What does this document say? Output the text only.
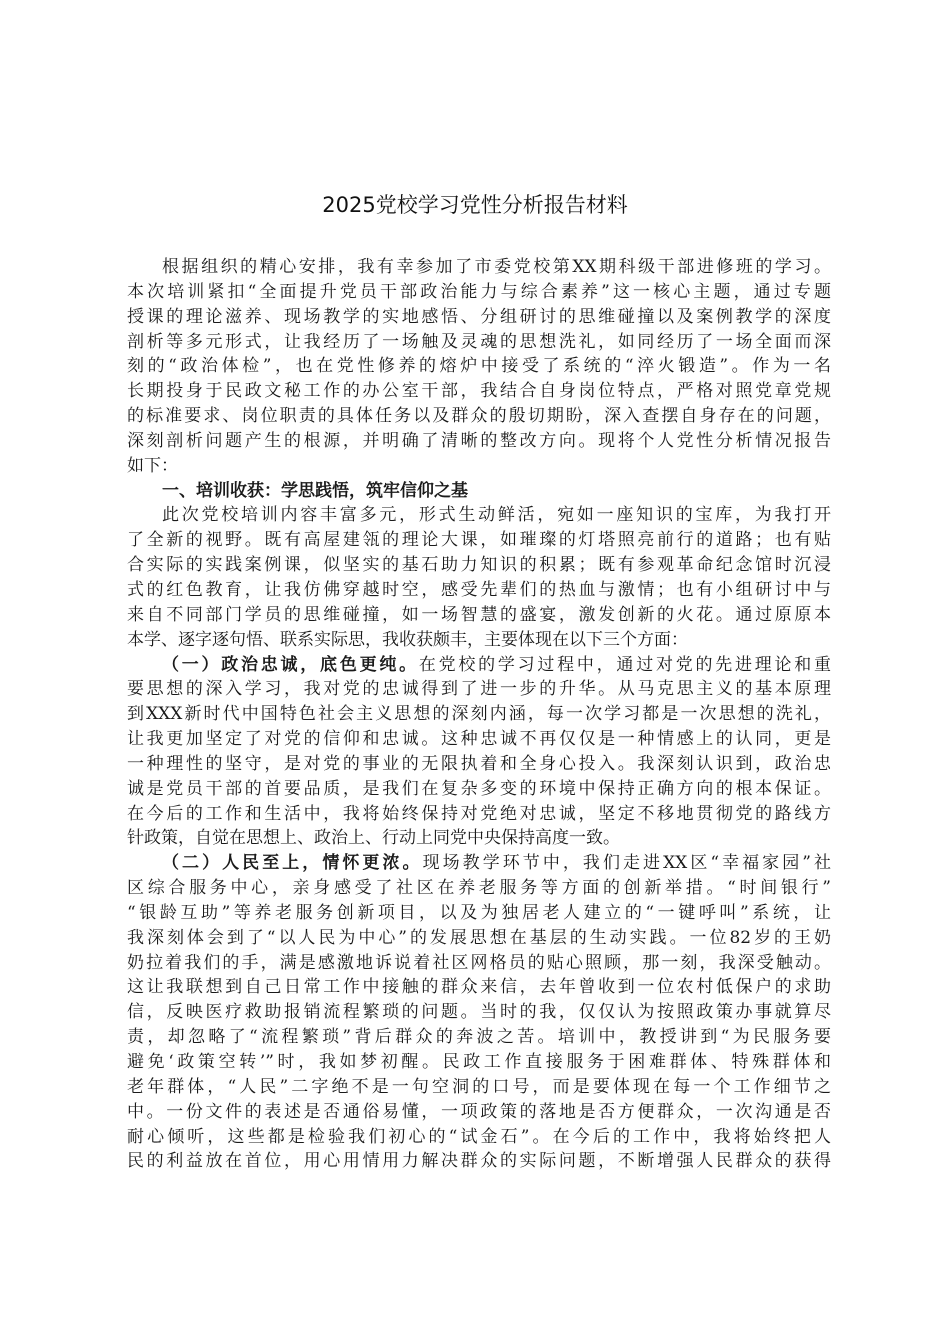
2025党校学习党性分析报告材料
根据组织的精心安排，我有幸参加了市委党校第XX期科级干部进修班的学习。
本次培训紧扣“全面提升党员干部政治能力与综合素养”这一核心主题，通过专题
授课的理论滋养、现场教学的实地感悟、分组研讨的思维碰撞以及案例教学的深度
剖析等多元形式，让我经历了一场触及灵魂的思想洗礼，如同经历了一场全面而深
刻的“政治体检”，也在党性修养的熔炉中接受了系统的“淬火锻造”。作为一名
长期投身于民政文秘工作的办公室干部，我结合自身岗位特点，严格对照党章党规
的标准要求、岗位职责的具体任务以及群众的殷切期盼，深入查摆自身存在的问题，
深刻剖析问题产生的根源，并明确了清晰的整改方向。现将个人党性分析情况报告
如下：
一、培训收获：学思践悟，筑牢信仰之基
此次党校培训内容丰富多元，形式生动鲜活，宛如一座知识的宝库，为我打开
了全新的视野。既有高屋建瓴的理论大课，如璀璨的灯塔照亮前行的道路；也有贴
合实际的实践案例课，似坚实的基石助力知识的积累；既有参观革命纪念馆时沉浸
式的红色教育，让我仿佛穿越时空，感受先辈们的热血与激情；也有小组研讨中与
来自不同部门学员的思维碰撞，如一场智慧的盛宴，激发创新的火花。通过原原本
本学、逐字逐句悟、联系实际思，我收获颇丰，主要体现在以下三个方面：
（一）政治忠诚，底色更纯。在党校的学习过程中，通过对党的先进理论和重
要思想的深入学习，我对党的忠诚得到了进一步的升华。从马克思主义的基本原理
到XXX新时代中国特色社会主义思想的深刻内涵，每一次学习都是一次思想的洗礼，
让我更加坚定了对党的信仰和忠诚。这种忠诚不再仅仅是一种情感上的认同，更是
一种理性的坚守，是对党的事业的无限执着和全身心投入。我深刻认识到，政治忠
诚是党员干部的首要品质，是我们在复杂多变的环境中保持正确方向的根本保证。
在今后的工作和生活中，我将始终保持对党绝对忠诚，坚定不移地贯彻党的路线方
针政策，自觉在思想上、政治上、行动上同党中央保持高度一致。
（二）人民至上，情怀更浓。现场教学环节中，我们走进XX区“幸福家园”社
区综合服务中心，亲身感受了社区在养老服务等方面的创新举措。“时间银行”
“银龄互助”等养老服务创新项目，以及为独居老人建立的“一键呼叫”系统，让
我深刻体会到了“以人民为中心”的发展思想在基层的生动实践。一位82岁的王奶
奶拉着我们的手，满是感激地诉说着社区网格员的贴心照顾，那一刻，我深受触动。
这让我联想到自己日常工作中接触的群众来信，去年曾收到一位农村低保户的求助
信，反映医疗救助报销流程繁琐的问题。当时的我，仅仅认为按照政策办事就算尽
责，却忽略了“流程繁琐”背后群众的奔波之苦。培训中，教授讲到“为民服务要
避免‘政策空转’”时，我如梦初醒。民政工作直接服务于困难群体、特殊群体和
老年群体，“人民”二字绝不是一句空洞的口号，而是要体现在每一个工作细节之
中。一份文件的表述是否通俗易懂，一项政策的落地是否方便群众，一次沟通是否
耐心倾听，这些都是检验我们初心的“试金石”。在今后的工作中，我将始终把人
民的利益放在首位，用心用情用力解决群众的实际问题，不断增强人民群众的获得
